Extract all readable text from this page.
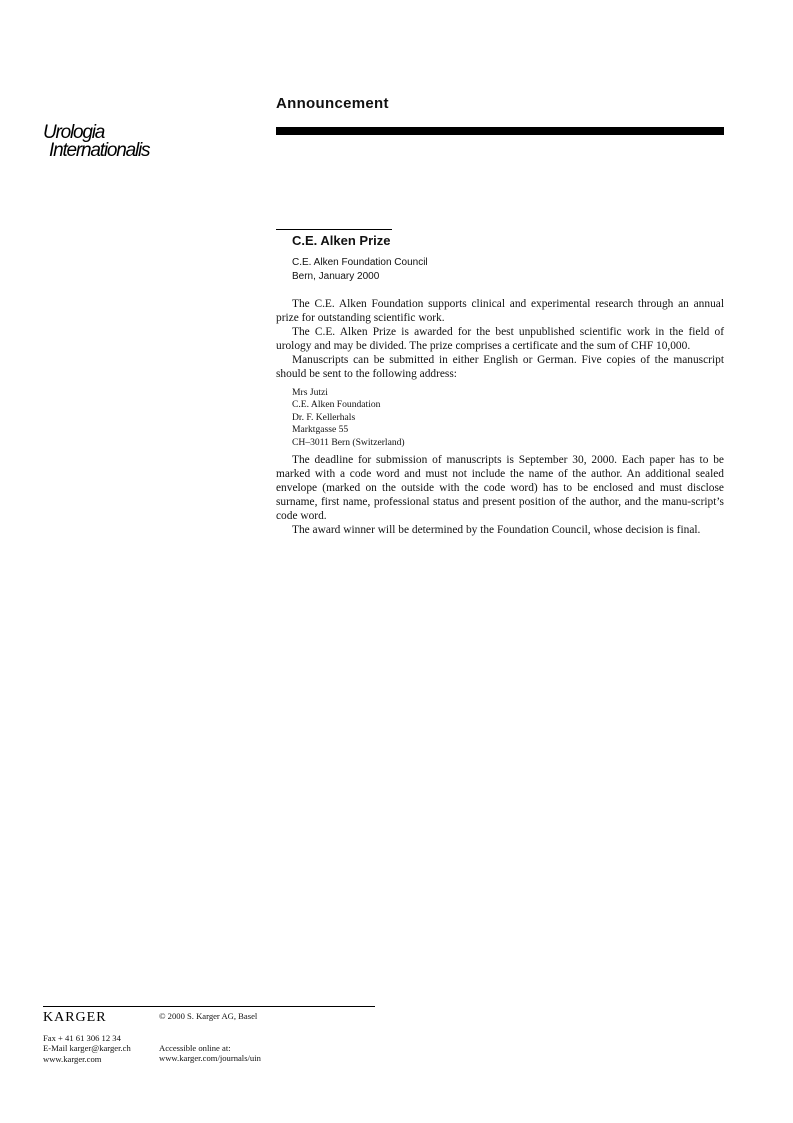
Urologia
Internationalis
Announcement
C.E. Alken Prize
C.E. Alken Foundation Council
Bern, January 2000

The C.E. Alken Foundation supports clinical and experimental research through an annual prize for outstanding scientific work.

The C.E. Alken Prize is awarded for the best unpublished scientific work in the field of urology and may be divided. The prize comprises a certificate and the sum of CHF 10,000.

Manuscripts can be submitted in either English or German. Five copies of the manuscript should be sent to the following address:

Mrs Jutzi
C.E. Alken Foundation
Dr. F. Kellerhals
Marktgasse 55
CH–3011 Bern (Switzerland)

The deadline for submission of manuscripts is September 30, 2000. Each paper has to be marked with a code word and must not include the name of the author. An additional sealed envelope (marked on the outside with the code word) has to be enclosed and must disclose surname, first name, professional status and present position of the author, and the manu-script’s code word.

The award winner will be determined by the Foundation Council, whose decision is final.

KARGER
Fax + 41 61 306 12 34
E-Mail karger@karger.ch
www.karger.com
© 2000 S. Karger AG, Basel
Accessible online at:
www.karger.com/journals/uin
